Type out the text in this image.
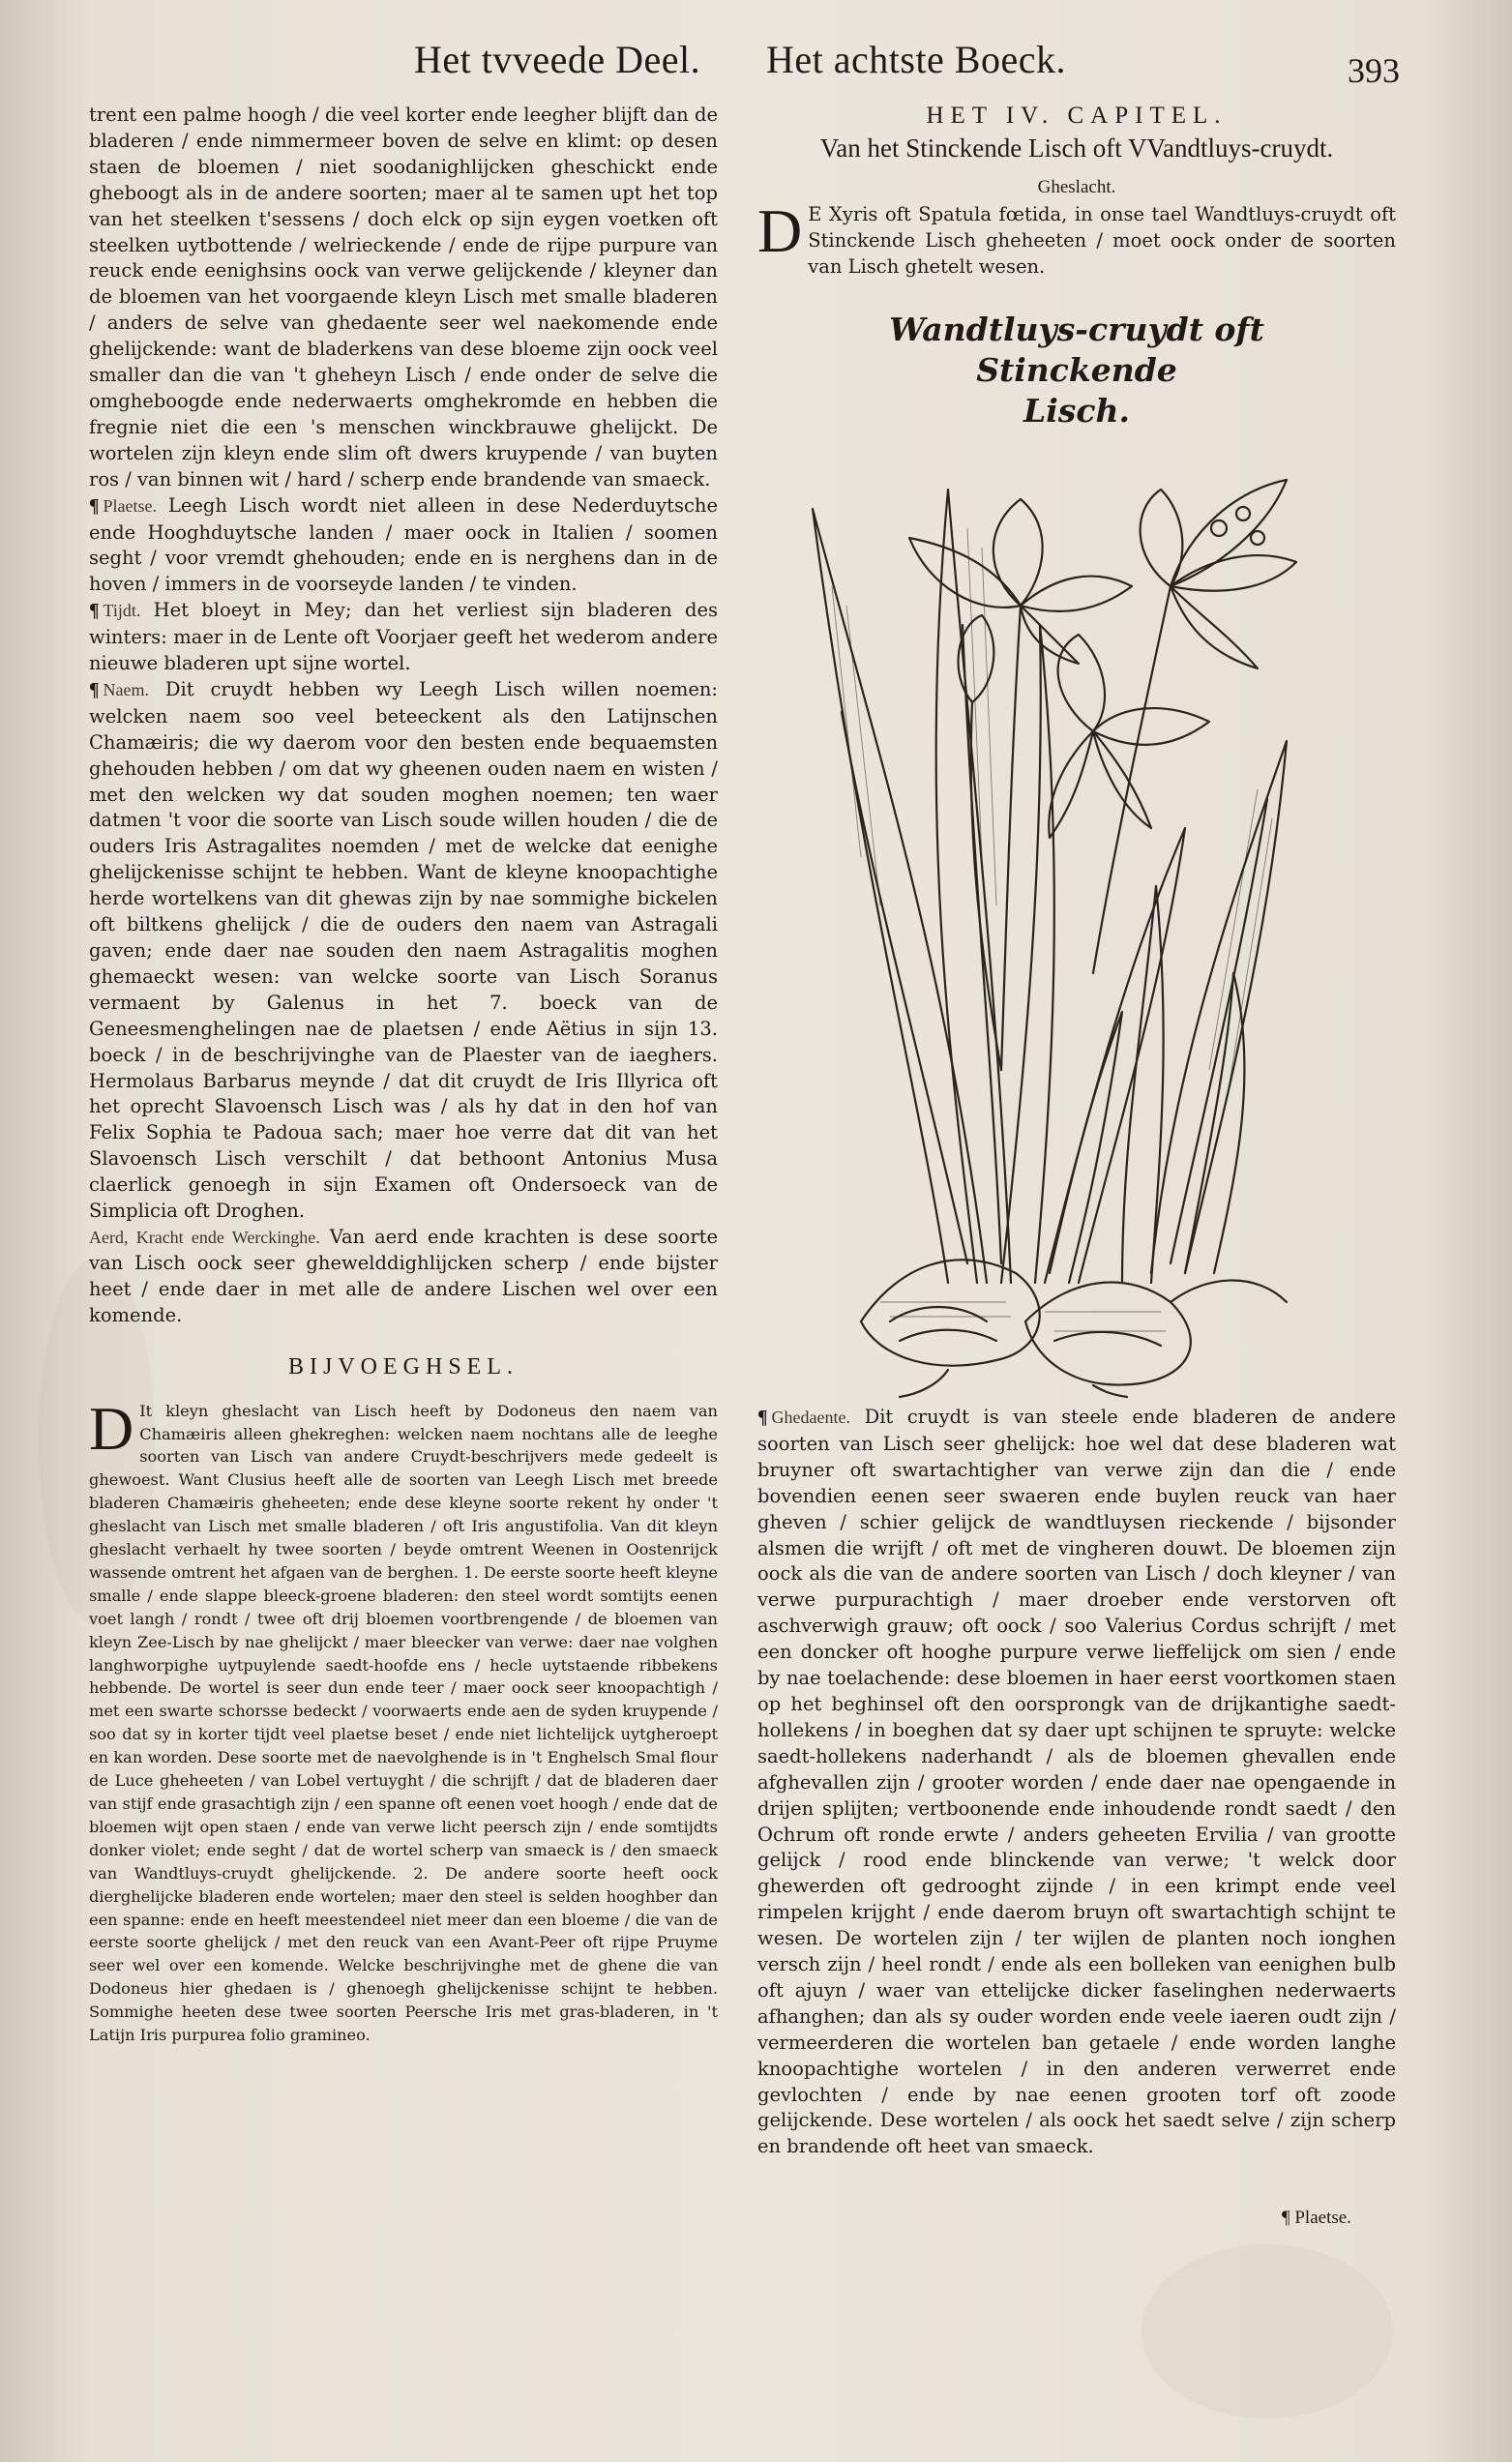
Het tvveede Deel. Het achtste Boeck.	393

trent een palme hoogh / die veel korter ende leegher blijft dan de bladeren / ende nimmermeer boven de selve en klimt: op desen staen de bloemen / niet soodanighlijcken gheschickt ende gheboogt als in de andere soorten; maer al te samen upt het top van het steelken t'sessens / doch elck op sijn eygen voetken oft steelken uytbottende / welrieckende / ende de rijpe purpure van reuck ende eenighsins oock van verwe gelijckende / kleyner dan de bloemen van het voorgaende kleyn Lisch met smalle bladeren / anders de selve van ghedaente seer wel naekomende ende ghelijckende: want de bladerkens van dese bloeme zijn oock veel smaller dan die van 't gheheyn Lisch / ende onder de selve die omgheboogde ende nederwaerts omghekromde en hebben die fregnie niet die een 's menschen winckbrauwe ghelijckt. De wortelen zijn kleyn ende slim oft dwers kruypende / van buyten ros / van binnen wit / hard / scherp ende brandende van smaeck.

¶ Plaetse. Leegh Lisch wordt niet alleen in dese Nederduytsche ende Hooghduytsche landen / maer oock in Italien / soomen seght / voor vremdt ghehouden; ende en is nerghens dan in de hoven / immers in de voorseyde landen / te vinden.

¶ Tijdt. Het bloeyt in Mey; dan het verliest sijn bladeren des winters: maer in de Lente oft Voorjaer geeft het wederom andere nieuwe bladeren upt sijne wortel.

¶ Naem. Dit cruydt hebben wy Leegh Lisch willen noemen: welcken naem soo veel beteeckent als den Latijnschen Chamæiris; die wy daerom voor den besten ende bequaemsten ghehouden hebben / om dat wy gheenen ouden naem en wisten / met den welcken wy dat souden moghen noemen; ten waer datmen 't voor die soorte van Lisch soude willen houden / die de ouders Iris Astragalites noemden / met de welcke dat eenighe ghelijckenisse schijnt te hebben. Want de kleyne knoopachtighe herde wortelkens van dit ghewas zijn by nae sommighe bickelen oft biltkens ghelijck / die de ouders den naem van Astragali gaven; ende daer nae souden den naem Astragalitis moghen ghemaeckt wesen: van welcke soorte van Lisch Soranus vermaent by Galenus in het 7. boeck van de Geneesmenghelingen nae de plaetsen / ende Aëtius in sijn 13. boeck / in de beschrijvinghe van de Plaester van de iaeghers. Hermolaus Barbarus meynde / dat dit cruydt de Iris Illyrica oft het oprecht Slavoensch Lisch was / als hy dat in den hof van Felix Sophia te Padoua sach; maer hoe verre dat dit van het Slavoensch Lisch verschilt / dat bethoont Antonius Musa claerlick genoegh in sijn Examen oft Ondersoeck van de Simplicia oft Droghen.

Aerd, Kracht ende Werckinghe. Van aerd ende krachten is dese soorte van Lisch oock seer ghewelddighlijcken scherp / ende bijster heet / ende daer in met alle de andere Lischen wel over een komende.

BIJVOEGHSEL.
D It kleyn gheslacht van Lisch heeft by Dodoneus den naem van Chamæiris alleen ghekreghen: welcken naem nochtans alle de leeghe soorten van Lisch van andere Cruydt-beschrijvers mede gedeelt is ghewoest. Want Clusius heeft alle de soorten van Leegh Lisch met breede bladeren Chamæiris gheheeten; ende dese kleyne soorte rekent hy onder 't gheslacht van Lisch met smalle bladeren / oft Iris angustifolia. Van dit kleyn gheslacht verhaelt hy twee soorten / beyde omtrent Weenen in Oostenrijck wassende omtrent het afgaen van de berghen. 1. De eerste soorte heeft kleyne smalle / ende slappe bleeck-groene bladeren: den steel wordt somtijts eenen voet langh / rondt / twee oft drij bloemen voortbrengende / de bloemen van kleyn Zee-Lisch by nae ghelijckt / maer bleecker van verwe: daer nae volghen langhworpighe uytpuylende saedt-hoofde ens / hecle uytstaende ribbekens hebbende. De wortel is seer dun ende teer / maer oock seer knoopachtigh / met een swarte schorsse bedeckt / voorwaerts ende aen de syden kruypende / soo dat sy in korter tijdt veel plaetse beset / ende niet lichtelijck uytgheroept en kan worden. Dese soorte met de naevolghende is in 't Enghelsch Smal flour de Luce gheheeten / van Lobel vertuyght / die schrijft / dat de bladeren daer van stijf ende grasachtigh zijn / een spanne oft eenen voet hoogh / ende dat de bloemen wijt open staen / ende van verwe licht peersch zijn / ende somtijdts donker violet; ende seght / dat de wortel scherp van smaeck is / den smaeck van Wandtluys-cruydt ghelijckende. 2. De andere soorte heeft oock dierghelijcke bladeren ende wortelen; maer den steel is selden hooghber dan een spanne: ende en heeft meestendeel niet meer dan een bloeme / die van de eerste soorte ghelijck / met den reuck van een Avant-Peer oft rijpe Pruyme seer wel over een komende. Welcke beschrijvinghe met de ghene die van Dodoneus hier ghedaen is / ghenoegh ghelijckenisse schijnt te hebben. Sommighe heeten dese twee soorten Peersche Iris met gras-bladeren, in 't Latijn Iris purpurea folio gramineo.

HET IV. CAPITEL.
Van het Stinckende Lisch oft VVandtluys-cruydt.
Gheslacht.
D E Xyris oft Spatula fœtida, in onse tael Wandtluys-cruydt oft Stinckende Lisch gheheeten / moet oock onder de soorten van Lisch ghetelt wesen.

Wandtluys-cruydt oft Stinckende
Lisch.

¶ Ghedaente. Dit cruydt is van steele ende bladeren de andere soorten van Lisch seer ghelijck: hoe wel dat dese bladeren wat bruyner oft swartachtigher van verwe zijn dan die / ende bovendien eenen seer swaeren ende buylen reuck van haer gheven / schier gelijck de wandtluysen rieckende / bijsonder alsmen die wrijft / oft met de vingheren douwt. De bloemen zijn oock als die van de andere soorten van Lisch / doch kleyner / van verwe purpurachtigh / maer droeber ende verstorven oft aschverwigh grauw; oft oock / soo Valerius Cordus schrijft / met een doncker oft hooghe purpure verwe lieffelijck om sien / ende by nae toelachende: dese bloemen in haer eerst voortkomen staen op het beghinsel oft den oorsprongk van de drijkantighe saedt-hollekens / in boeghen dat sy daer upt schijnen te spruyte: welcke saedt-hollekens naderhandt / als de bloemen ghevallen ende afghevallen zijn / grooter worden / ende daer nae opengaende in drijen splijten; vertboonende ende inhoudende rondt saedt / den Ochrum oft ronde erwte / anders geheeten Ervilia / van grootte gelijck / rood ende blinckende van verwe; 't welck door ghewerden oft gedrooght zijnde / in een krimpt ende veel rimpelen krijght / ende daerom bruyn oft swartachtigh schijnt te wesen. De wortelen zijn / ter wijlen de planten noch ionghen versch zijn / heel rondt / ende als een bolleken van eenighen bulb oft ajuyn / waer van ettelijcke dicker faselinghen nederwaerts afhanghen; dan als sy ouder worden ende veele iaeren oudt zijn / vermeerderen die wortelen ban getaele / ende worden langhe knoopachtighe wortelen / in den anderen verwerret ende gevlochten / ende by nae eenen grooten torf oft zoode gelijckende. Dese wortelen / als oock het saedt selve / zijn scherp en brandende oft heet van smaeck.

¶ Plaetse.
